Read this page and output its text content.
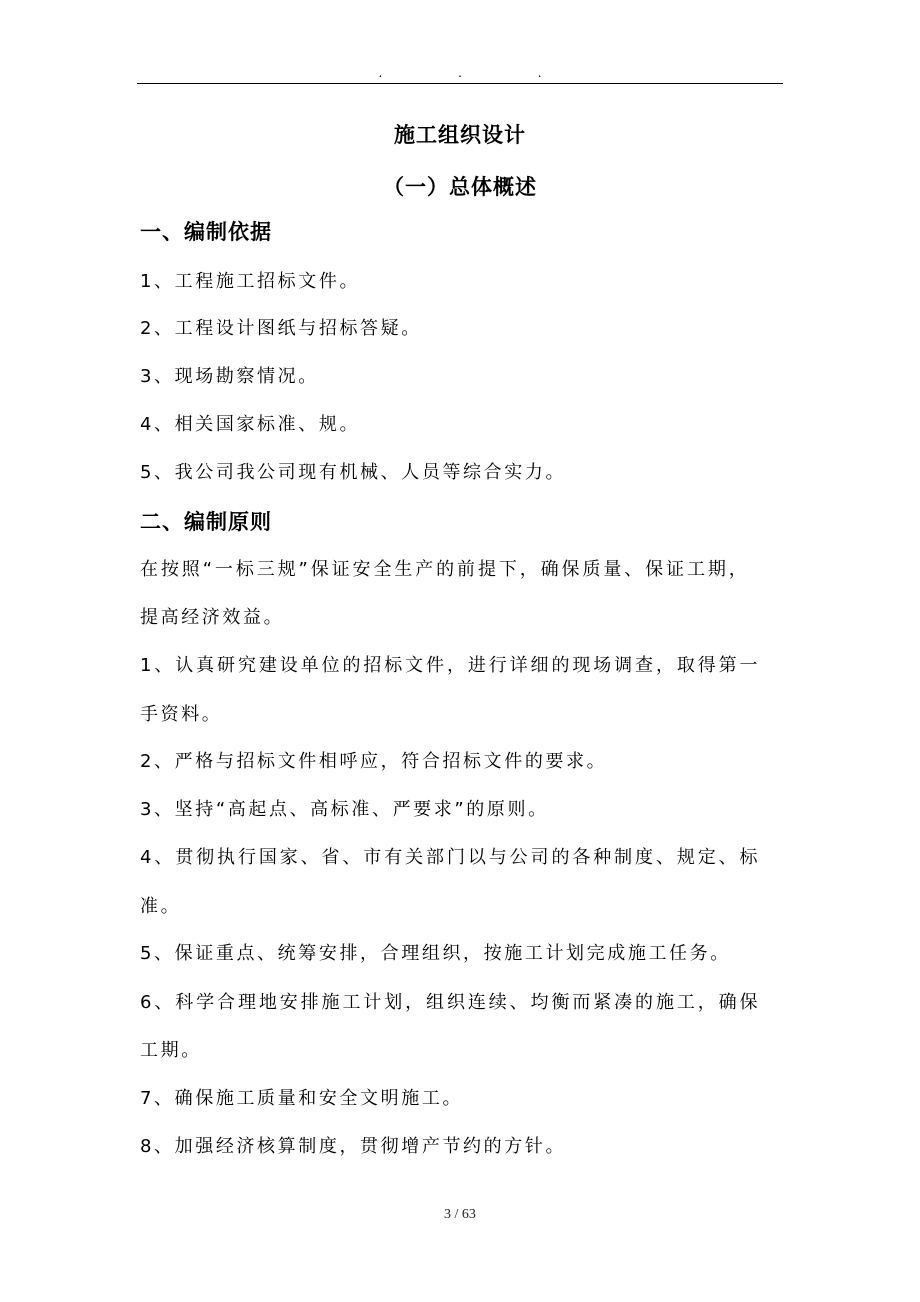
. . .
施工组织设计
（一）总体概述
一、编制依据
1、工程施工招标文件。
2、工程设计图纸与招标答疑。
3、现场勘察情况。
4、相关国家标准、规。
5、我公司我公司现有机械、人员等综合实力。
二、编制原则
在按照“一标三规”保证安全生产的前提下，确保质量、保证工期，
提高经济效益。
1、认真研究建设单位的招标文件，进行详细的现场调查，取得第一
手资料。
2、严格与招标文件相呼应，符合招标文件的要求。
3、坚持“高起点、高标准、严要求”的原则。
4、贯彻执行国家、省、市有关部门以与公司的各种制度、规定、标
准。
5、保证重点、统筹安排，合理组织，按施工计划完成施工任务。
6、科学合理地安排施工计划，组织连续、均衡而紧凑的施工，确保
工期。
7、确保施工质量和安全文明施工。
8、加强经济核算制度，贯彻增产节约的方针。
3 / 63
